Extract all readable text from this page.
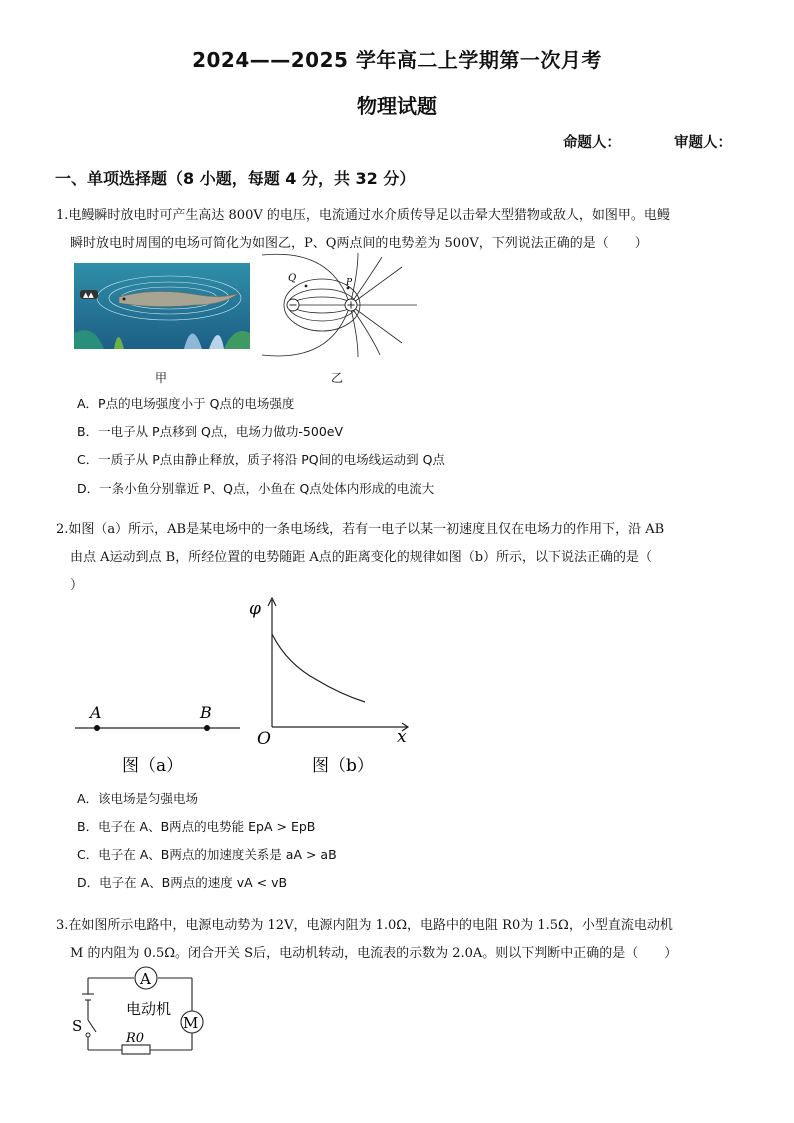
2024——2025 学年高二上学期第一次月考
物理试题
命题人：	审题人：
一、单项选择题（8 小题，每题 4 分，共 32 分）
1.电鳗瞬时放电时可产生高达 800V 的电压，电流通过水介质传导足以击晕大型猎物或敌人，如图甲。电鳗
瞬时放电时周围的电场可简化为如图乙，P、Q两点间的电势差为 500V，下列说法正确的是（　　）
▲▲
甲
Q	P
乙
A．P点的电场强度小于 Q点的电场强度
B．一电子从 P点移到 Q点，电场力做功-500eV
C．一质子从 P点由静止释放，质子将沿 PQ间的电场线运动到 Q点
D．一条小鱼分别靠近 P、Q点，小鱼在 Q点处体内形成的电流大
2.如图（a）所示，AB是某电场中的一条电场线，若有一电子以某一初速度且仅在电场力的作用下，沿 AB
由点 A运动到点 B，所经位置的电势随距 A点的距离变化的规律如图（b）所示，以下说法正确的是（
）
A	B
图（a）
φ
x
O
图（b）
A．该电场是匀强电场
B．电子在 A、B两点的电势能 EpA > EpB
C．电子在 A、B两点的加速度关系是 aA > aB
D．电子在 A、B两点的速度 vA < vB
3.在如图所示电路中，电源电动势为 12V，电源内阻为 1.0Ω，电路中的电阻 R0为 1.5Ω，小型直流电动机
M 的内阻为 0.5Ω。闭合开关 S后，电动机转动，电流表的示数为 2.0A。则以下判断中正确的是（　　）
A
M
电动机
S
R0
